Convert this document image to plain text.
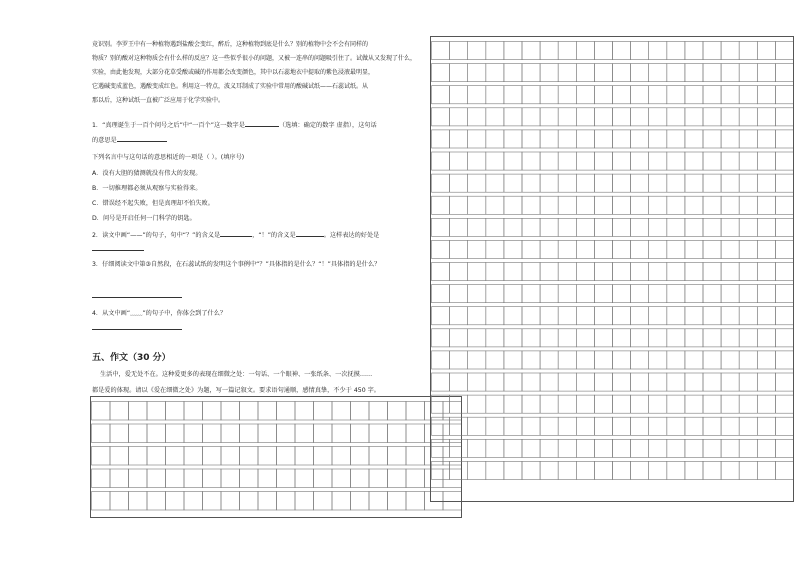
竟识别。李罗王中有一种植物遇到盐酸会变红，醉后，这种植物到底是什么？别的植物中会不会有同样的

物质？别的酸对这种物质会有什么样的反应？这一些似乎很小的问题，又被一连串的问题吸引住了。试做从又发现了什么，

实验，由此他发现，大部分花草受酸或碱的作用都会改变颜色，其中以石蕊地衣中提取的紫色浸液最明显，

它遇碱变成蓝色，遇酸变成红色。利用这一特点，波义耳制成了实验中常用的酸碱试纸——石蕊试纸。从

那以后，这种试纸一直被广泛应用于化学实验中。

1．“真理诞生于一百个问号之后”中“一百个”这一数字是	（选填：确定的数字 虚指），这句话
的意思是
下列名言中与这句话的意思相近的一项是（ ）。(填序号)
A．没有大胆的猜测就没有伟大的发现。
B．一切推理都必须从观察与实验得来。
C．错误经不起失败，但是真理却不怕失败。
D．问号是开启任何一门科学的钥匙。
2．读文中画“——”的句子，句中“？”的含义是	，“！”的含义是	。这样表达的好处是
3．仔细阅读文中第③自然段，在石蕊试纸的发明这个事例中“？”具体指的是什么？“！”具体指的是什么？
4．从文中画“﹏﹏”的句子中，你体会到了什么？
五、作文（30 分）
生活中，爱无处不在。这种爱更多的表现在细微之处：一句话、一个眼神、一张纸条、一次抚摸……
都是爱的体现。请以《爱在细微之处》为题，写一篇记叙文。要求语句通顺，感情真挚，不少于 450 字。
